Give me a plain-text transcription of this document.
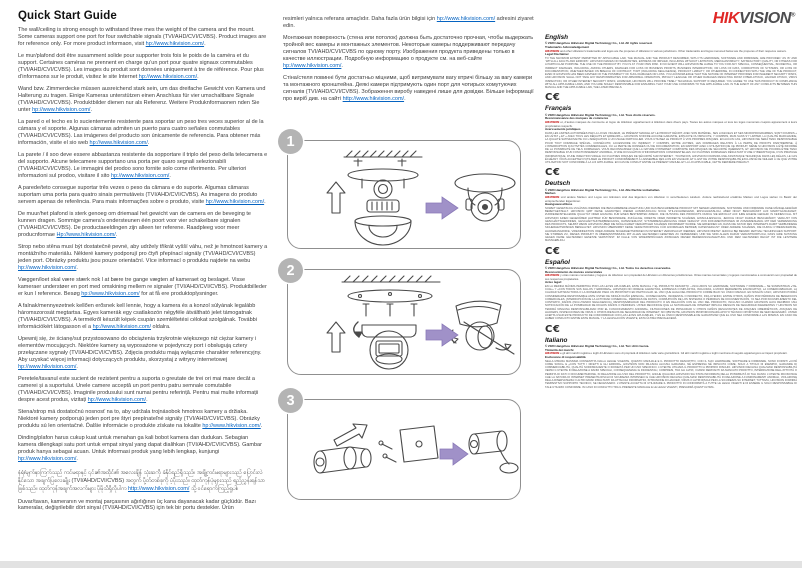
Quick Start Guide

The wall/ceiling is strong enough to withstand three mes the weight of the camera and the mount. Some cameras support one port for four switchable signals (TVI/AHD/CVI/CVBS). Product images are for reference only. For more product informaon, visit hp://www.hikvision.com/.

Le mur/plafond doit être susamment solide pour supporter trois fois le poids de la caméra et du support. Certaines caméras ne prennent en charge qu’un port pour quatre signaux commutables (TVI/AHD/CVI/CVBS). Les images du produit sont données uniquement à tre de référence. Pour plus d’informaons sur le produit, visitez le site Internet hp://www.hikvision.com/.

Wand bzw. Zimmerdecke müssen ausreichend stark sein, um das dreifache Gewicht von Kamera und Halterung zu tragen. Einige Kameras unterstützen einen Anschluss für vier umschaltbare Signale (TVI/AHD/CVI/CVBS). Produktbilder dienen nur als Referenz. Weitere Produknformaonen nden Sie unter hp://www.hikvision.com/.

La pared o el techo es lo sucientemente resistente para soportar un peso tres veces superior al de la cámara y el soporte. Algunas cámaras admiten un puerto para cuatro señales conmutables (TVI/AHD/CVI/CVBS). Las imágenes del producto son únicamente de referencia. Para obtener más información, visite el sio web hp://www.hikvision.com/.

La parete / il soo deve essere abbastanza resistente da sopportare il triplo del peso della telecamera e del supporto. Alcune telecamere supportano una porta per quaro segnali selezionabili (TVI/AHD/CVI/CVBS). Le immagini del prodoo sono fornite solo come riferimento. Per ulteriori informazioni sul prodoo, visitare il sito hp://www.hikvision.com/.

A parede/teto consegue suportar três vezes o peso da câmara e do suporte. Algumas câmaras suportam uma porta para quatro sinais permutáveis (TVI/AHD/CVI/CVBS). As imagens do produto servem apenas de referência. Para mais informações sobre o produto, visite hp://www.hikvision.com/.

De muur/het plafond is sterk genoeg om driemaal het gewicht van de camera en de beveging te kunnen dragen. Sommige camera’s ondersteunen één poort voor vier schakelbare signalen (TVI/AHD/CVI/CVBS). De productaeeldingen zijn alleen ter referene. Raadpleeg voor meer producnformae Hp://www.hikvision.com/.

Strop nebo stěna musí být dostatečně pevné, aby udržely třikrát vyšší váhu, než je hmotnost kamery a montážního materiálu. Některé kamery podporují pro čtyři přepínací signály (TVI/AHD/CVI/CVBS) jeden port. Obrázky produktu jsou pouze orientační. Více informací o produktu najdete na webu hp://www.hikvision.com/.

Væggen/loet skal være stærk nok l at bære tre gange vægten af kameraet og beslaget. Visse kameraer understøer en port med omskining mellem re signaler (TVI/AHD/CVI/CVBS). Produktbilleder er kun l reference. Besøg hp://www.hikvision.com/ for at få ere produktoplysninger.

A falnak/mennyezetnek kellően erősnek kell lennie, hogy a kamera és a konzol súlyának legalább háromszorosát megtartsa. Egyes kamerák egy csatlakozón négyféle átváltható jelet támogatnak (TVI/AHD/CVI/CVBS). A termékről készült képek csupán szemléltetési célokat szolgálnak. További információkért látogasson el a hp://www.hikvision.com/ oldalra.

Upewnij się, że ścianę/sut przystosowano do obciążenia trzykrotnie większego niż ciężar kamery i elementów mocujących. Niektóre kamery są wyposażone w pojedynczy port i obsługują cztery przełączane sygnały (TVI/AHD/CVI/CVBS). Zdjęcia produktu mają wyłącznie charakter referencyjny. Aby uzyskać więcej informacji dotyczących produktu, skorzystaj z witryny internetowej hp://www.hikvision.com/.

Peretele/tavanul este sucient de rezistent pentru a suporta o greutate de trei ori mai mare decât a camerei și a suportului. Unele camere acceptă un port pentru patru semnale comutabile (TVI/AHD/CVI/CVBS). Imaginile produsului sunt numai pentru referință. Pentru mai multe informații despre acest produs, vizitați hp://www.hikvision.com/.

Stena/strop má dostatočnú nosnosť na to, aby udržala trojnásobok hmotnos kamery a držiaka. Niektoré kamery podporujú jeden port pre štyri prepínateľné signály (TVI/AHD/CVI/CVBS). Obrázky produktu sú len orientačné. Ďalšie informácie o produkte získate na lokalite hp://www.hikvision.com/.

Dinding/plafon harus cukup kuat untuk menahan ga kali bobot kamera dan dudukan. Sebagian kamera dilengkapi satu port untuk empat sinyal yang dapat dialihkan (TVI/AHD/CVI/CVBS). Gambar produk hanya sebagai acuan. Untuk informasi produk yang lebih lengkap, kunjungi hp://www.hikvision.com/.

နံရံ/မျက်နှာကြက်သည် ကင်မရာနှင့် ၎င်း၏အထိုင်၏ အလေးချိန် သုံးဆကို ခံနိုင်ရည်ရှိသည်။ အချို့ကင်မရာများသည် ပြောင်းလဲနိုင်သော အချက်ပြလေးမျိုး (TVI/AHD/CVI/CVBS) အတွက် ပို့တ်တစ်ခုကို ပံ့ပိုးသည်။ ထုတ်ကုန်ပုံများသည် ရည်ညွှန်းရန်သာ ဖြစ်သည်။ ထုတ်ကုန်အချက်အလက်များ ပိုမိုသိရှိလိုပါက http://www.hikvision.com/ သို့ ဝင်ရောက်ကြည့်ရှုပါ။

Duvar/tavan, kameranın ve montaj parçasının ağırlığının üç kana dayanacak kadar güçlüdür. Bazı kameralar, değişrilebilir dört sinyal (TVI/AHD/CVI/CVBS) için tek bir portu destekler. Ürün

resimleri yalnıca referans amaçlıdır. Daha fazla ürün bilgisi için hp://www.hikvision.com/ adresini ziyaret edin.

Монтажная поверхность (стена или потолок) должна быть достаточно прочная, чтобы выдержать тройной вес камеры и монтажных элементов. Некоторые камеры поддерживают передачу сигналов TVI/AHD/CVI/CVBS по одному порту. Изображения продукта приведены только в качестве иллюстрации. Подробную информацию о продукте см. на веб-сайте hp://www.hikvision.com/.

Стіна/стеля повинні бути достатньо міцними, щоб витримувати вагу втричі більшу за вагу камери та монтажного кронштейна. Деякі камери підтримують один порт для чотирьох комутуючих сигналів (TVI/AHD/CVI/CVBS). Зображення виробу наведені лише для довідки. Більше інформації про виріб див. на сайті http://www.hikvision.com/.

1
2
3
HIKVISION®
English
© 2020 Hangzhou Hikvision Digital Technology Co., Ltd. All rights reserved.
Trademarks Acknowledgement
HIKVISION and other Hikvision’s trademarks and logos are the properes of Hikvision in various jurisdicons. Other trademarks and logos menoned below are the properes of their respecve owners.
Legal Disclaimer
TO THE MAXIMUM EXTENT PERMITTED BY APPLICABLE LAW, THE MANUAL AND THE PRODUCT DESCRIBED, WITH ITS HARDWARE, SOFTWARE AND FIRMWARE, ARE PROVIDED “AS IS” AND “WITH ALL FAULTS AND ERRORS”. HIKVISION MAKES NO WARRANTIES, EXPRESS OR IMPLIED, INCLUDING WITHOUT LIMITATION, MERCHANTABILITY, SATISFACTORY QUALITY, OR FITNESS FOR A PARTICULAR PURPOSE. THE USE OF THE PRODUCT BY YOU IS AT YOUR OWN RISK. IN NO EVENT WILL HIKVISION BE LIABLE TO YOU FOR ANY SPECIAL, CONSEQUENTIAL, INCIDENTAL, OR INDIRECT DAMAGES, INCLUDING, AMONG OTHERS, DAMAGES FOR LOSS OF BUSINESS PROFITS, BUSINESS INTERRUPTION, OR LOSS OF DATA, CORRUPTION OF SYSTEMS, OR LOSS OF DOCUMENTATION, WHETHER BASED ON BREACH OF CONTRACT, TORT (INCLUDING NEGLIGENCE), PRODUCT LIABILITY, OR OTHERWISE, IN CONNECTION WITH THE USE OF THE PRODUCT, EVEN IF HIKVISION HAS BEEN ADVISED OF THE POSSIBILITY OF SUCH DAMAGES OR LOSS. YOU ACKNOWLEDGE THAT THE NATURE OF INTERNET PROVIDES FOR INHERENT SECURITY RISKS, AND HIKVISION SHALL NOT TAKE ANY RESPONSIBILITIES FOR ABNORMAL OPERATION, PRIVACY LEAKAGE OR OTHER DAMAGES RESULTING FROM CYBER-ATTACK, HACKER ATTACK, VIRUS INSPECTION, OR OTHER INTERNET SECURITY RISKS; HOWEVER, HIKVISION WILL PROVIDE TIMELY TECHNICAL SUPPORT IF REQUIRED. YOU AGREE TO USE THIS PRODUCT IN COMPLIANCE WITH ALL APPLICABLE LAWS, AND YOU ARE SOLELY RESPONSIBLE FOR ENSURING THAT YOUR USE CONFORMS TO THE APPLICABLE LAW. IN THE EVENT OF ANY CONFLICTS BETWEEN THIS MANUAL AND THE APPLICABLE LAW, THE LATER PREVAILS.
C€
Français
© 2020 Hangzhou Hikvision Digital Technology Co., Ltd. Tous droits réservés.
Reconnaissance des marques de commerce
HIKVISION et, d’autres marques de commerce et logos de Hikvision appartiennent à Hikvision dans divers pays. Toutes les autres marques et tous les logos menonnés ci-après apparennent à leurs propriétaires respecfs.
Averssements juridiques
DANS LES LIMITES AUTORISÉES PAR LA LOI EN VIGUEUR, LE PRÉSENT MANUEL ET LE PRODUIT DÉCRIT, AVEC SON MATÉRIEL, SES LOGICIELS ET SES MICROPROGRAMMES, SONT FOURNIS « EN L’ÉTAT » ET « AVEC TOUS LES DÉFAUTS ET ERREURS ». HIKVISION N’OFFRE AUCUNE GARANTIE, EXPLICITE OU IMPLICITE, Y COMPRIS, MAIS SANS S’Y LIMITER, LA QUALITÉ MARCHANDE, LA QUALITÉ SATISFAISANTE OU L’ADÉQUATION À UN USAGE PARTICULIER. VOUS UTILISEZ LE PRODUIT À VOS PROPRES RISQUES. EN AUCUN CAS, HIKVISION NE SERA TENU RESPONSABLE POUR TOUT DOMMAGE SPÉCIAL, CONSÉCUTIF, ACCESSOIRE OU INDIRECT, Y COMPRIS, ENTRE AUTRES, LES DOMMAGES RELATIFS À LA PERTE DE PROFITS D’ENTREPRISE, À L’INTERRUPTION D’ACTIVITÉS COMMERCIALES, OU LA PERTE DE DONNÉES OU DE DOCUMENTATION, EN RAPPORT AVEC L’UTILISATION DE CE PRODUIT, MÊME SI HIKVISION A ÉTÉ INFORMÉ DE LA POSSIBILITÉ DE TELS DOMMAGES. VOUS RECONNAISSEZ QUE LA NATURE D’INTERNET COMPORTE DES RISQUES DE SÉCURITÉ INHÉRENTS, ET HIKVISION NE POURRA ÊTRE TENU RESPONSABLE D’UN FONCTIONNEMENT ANORMAL, D’UNE DIVULGATION D’INFORMATIONS CONFIDENTIELLES OU D’AUTRES DOMMAGES RÉSULTANT D’UNE CYBERATTAQUE, D’UN PIRATAGE INFORMATIQUE, D’UNE INFECTION VIRALE OU D’AUTRES RISQUES DE SÉCURITÉ SUR INTERNET ; TOUTEFOIS, HIKVISION FOURNIRA UNE ASSISTANCE TECHNIQUE DANS LES DÉLAIS, LE CAS ÉCHÉANT. VOUS ACCEPTEZ D’UTILISER LE PRODUIT CONFORMÉMENT À L’ENSEMBLE DES LOIS EN VIGUEUR, ET IL EST DE VOTRE RESPONSABILITÉ EXCLUSIVE DE VEILLER À CE QUE VOTRE UTILISATION SOIT CONFORME À LA LOI APPLICABLE. EN CAS DE CONFLIT ENTRE LE PRÉSENT MANUEL ET LA LOI APPLICABLE, CETTE DERNIÈRE PRÉVAUT.
C€
Deutsch
© 2020 Hangzhou Hikvision Digital Technology Co., Ltd. Alle Rechte vorbehalten.
Marken
HIKVISION und andere Marken und Logos von Hikvision sind das Eigentum von Hikvision in verschiedenen Ländern. Andere nachstehend erwähnte Marken und Logos stehen im Besitz der entsprechenden Eigentümer.
Haungsausschluss
SOWEIT GESETZLICH ZULÄSSIG WERDEN DIE BESCHRIEBENE ANLEITUNG UND DAS BESCHRIEBENE PRODUKT MIT SEINER HARDWARE, SOFTWARE UND FIRMWARE OHNE MÄNGELGEWÄHR BEREITGESTELLT. HIKVISION GIBT KEINE GARANTIEN, WEDER AUSDRÜCKLICH NOCH STILLSCHWEIGEND, EINSCHLIESSLICH, ABER NICHT BESCHRÄNKT AUF MARKTGÄNGIGKEIT, ZUFRIEDENSTELLENDE QUALITÄT ODER EIGNUNG FÜR EINEN BESTIMMTEN ZWECK. DIE NUTZUNG DES PRODUKTS DURCH SIE ERFOLGT AUF IHRE EIGENE GEFAHR. IN KEINEM FALL IST HIKVISION IHNEN GEGENÜBER HAFTBAR FÜR BESONDERE, ZUFÄLLIGE, DIREKTE ODER INDIREKTE SCHÄDEN, EINSCHLIESSLICH, JEDOCH NICHT DARAUF BESCHRÄNKT, VERLUST VON GESCHÄFTSGEWINNEN, GESCHÄFTSUNTERBRECHUNG, DATENVERLUST, SYSTEMBESCHÄDIGUNG ODER VERLUST VON DOKUMENTATIONEN IM ZUSAMMENHANG MIT DER VERWENDUNG DES PRODUKTS, SELBST WENN HIKVISION ÜBER DIE MÖGLICHKEIT DERARTIGER SCHÄDEN INFORMIERT WURDE. SIE ERKENNEN AN, DASS DIE NATUR DES INTERNETS DAMIT VERBUNDENE SICHERHEITSRISIKEN BEINHALTET. HIKVISION ÜBERNIMMT KEINE VERANTWORTUNG FÜR ANORMALEN BETRIEB, DATENVERLUST ODER ANDERE SCHÄDEN, DIE DURCH CYBERANGRIFFE, HACKERANGRIFFE, VIRENINFEKTION ODER ANDERE SICHERHEITSRISIKEN IM INTERNET VERURSACHT WERDEN; HIKVISION BIETET JEDOCH BEI BEDARF ZEITNAH TECHNISCHEN SUPPORT. SIE STIMMEN ZU, DIESES PRODUKT IN ÜBEREINSTIMMUNG MIT ALLEN GELTENDEN GESETZEN ZU VERWENDEN, UND SIE SIND ALLEIN DAFÜR VERANTWORTLICH, DASS IHRE NUTZUNG GEGEN KEINE GELTENDEN GESETZE VERSTÖSST. IM FALLE VON WIDERSPRÜCHEN ZWISCHEN DIESER BEDIENUNGSANLEITUNG UND DEM GELTENDEN RECHT IST DIE LETZTERE MASSGEBLICH.
C€
Español
© 2020 Hangzhou Hikvision Digital Technology Co., Ltd. Todos los derechos reservados.
Reconocimiento de marcas comerciales
HIKVISION y otras marcas comerciales y logopos de Hikvision son propiedad de Hikvision en diferentes jurisdicciones. Otras marcas comerciales y logopos mencionados a connuación son propiedad de sus respecvos propietarios.
Aviso legal:
EN LA MEDIDA MÁXIMA PERMITIDA POR LAS LEYES APLICABLES, ESTE MANUAL Y EL PRODUCTO DESCRITO —INCLUIDOS SU HARDWARE, SOFTWARE Y FIRMWARE— SE SUMINISTRAN «TAL CUAL» Y «CON TODOS SUS FALLOS Y ERRORES». HIKVISION NO OFRECE GARANTÍAS, EXPRESAS O IMPLÍCITAS, INCLUIDAS, A MODO MERAMENTE ENUNCIATIVO, LA COMERCIABILIDAD, LA CALIDAD SATISFACTORIA O LA IDONEIDAD PARA UN PROPÓSITO EN PARTICULAR. EL USO QUE HAGA DEL PRODUCTO CORRE BAJO SU ÚNICO RIESGO. EN NINGÚN CASO, HIKVISION PODRÁ CONSIDERARSE RESPONSABLE ANTE USTED DE NINGÚN DAÑO ESPECIAL, CONSECUENTE, INCIDENTAL O INDIRECTO, INCLUYENDO, ENTRE OTROS, DAÑOS POR PÉRDIDAS DE BENEFICIOS COMERCIALES, INTERRUPCIÓN DE LA ACTIVIDAD COMERCIAL, PÉRDIDAS DE DATOS, CORRUPCIÓN DE LOS SISTEMAS O PÉRDIDAS DE DOCUMENTACIÓN, YA SEA POR INCUMPLIMIENTO DEL CONTRATO, DAÑOS (INCLUYENDO NEGLIGENCIA), RESPONSABILIDAD DEL PRODUCTO O EN RELACIÓN CON EL USO DEL PRODUCTO, INCLUSO CUANDO HIKVISION HAYA RECIBIDO UNA NOTIFICACIÓN DE LA POSIBILIDAD DE DICHOS DAÑOS O PÉRDIDAS. USTED RECONOCE QUE LA NATURALEZA DE INTERNET IMPLICA RIESGOS DE SEGURIDAD INHERENTES Y HIKVISION NO TENDRÁ NINGUNA RESPONSABILIDAD POR EL FUNCIONAMIENTO ANORMAL, FILTRACIONES DE PRIVACIDAD U OTROS DAÑOS RESULTANTES DE ATAQUES CIBERNÉTICOS, ATAQUES DE HACKERS, INSPECCIONES DE VIRUS U OTROS RIESGOS DE SEGURIDAD DE INTERNET; NO OBSTANTE, HIKVISION PROPORCIONARÁ APOYO TÉCNICO OPORTUNO DE SER NECESARIO. USTED ACEPTA USAR ESTE PRODUCTO DE CONFORMIDAD CON LAS LEYES APLICABLES, Y ES EL ÚNICO RESPONSABLE DE GARANTIZAR QUE EL USO SEA CONFORME A LAS MISMAS. EN CASO DE HABER CONFLICTO ENTRE ESTE MANUAL Y LA LEGISLACIÓN VIGENTE, ESTA ÚLTIMA PREVALECERÁ.
C€
Italiano
© 2020 Hangzhou Hikvision Digital Technology Co., Ltd. Tui i dirii riserva.
Titolarità dei marchi
HIKVISION e gli altri marchi registra e loghi di Hikvision sono di proprietà di Hikvision nelle varie giurisdizioni. Gli altri marchi registra e loghi menziona di seguito appartengono ai rispevi proprietari.
Esclusione di responsabilità
NELLA MISURA MASSIMA CONSENTITA DALLA LEGGE VIGENTE, QUESTO MANUALE E IL PRODOTTO DESCRITTO, CON IL SUO HARDWARE, SOFTWARE E FIRMWARE, SONO FORNITI «COSÌ COME SONO» E «CON TUTTI I DIFETTI E GLI ERRORI». HIKVISION NON RILASCIA ALCUNA GARANZIA, NÉ ESPRESSA NÉ IMPLICITA COME, SOLO A TITOLO DI ESEMPIO, GARANZIE DI COMMERCIABILITÀ, QUALITÀ SODDISFACENTE O IDONEITÀ PER UN USO SPECIFICO. L’UTENTE UTILIZZA IL PRODOTTO A PROPRIO RISCHIO. HIKVISION DECLINA QUALSIASI RESPONSABILITÀ VERSO L’UTENTE IN RELAZIONE A DANNI SPECIALI, CONSEQUENZIALI E INCIDENTALI, COMPRESI, TRA GLI ALTRI, I DANNI DERIVANTI DA MANCATO PROFITTO, INTERRUZIONE DELL’ATTIVITÀ O PERDITA DI DATI O DOCUMENTAZIONE, IN RELAZIONE ALL’USO DEL PRODOTTO, ANCHE QUALORA HIKVISION SIA STATA INFORMATA DELLA POSSIBILITÀ DI TALI DANNI. L’UTENTE RICONOSCE CHE LA NATURA DI INTERNET PRESENTA RISCHI DI SICUREZZA INTRINSECI E CHE HIKVISION DECLINA QUALSIASI RESPONSABILITÀ IN RELAZIONE A FUNZIONAMENTI ANOMALI, VIOLAZIONE DELLA RISERVATEZZA O ALTRI DANNI RISULTANTI DA ATTACCHI INFORMATICI, INTRUSIONE DI HACKER, VIRUS O ALTRI RISCHI PER LA SICUREZZA SU INTERNET; TUTTAVIA, HIKVISION FORNIRÀ TEMPESTIVO SUPPORTO TECNICO, SE NECESSARIO. L’UTENTE ACCETTA DI UTILIZZARE IL PRODOTTO IN CONFORMITÀ A TUTTE LE LEGGI VIGENTI E DI ESSERE IL SOLO RESPONSABILE DI TALE UTILIZZO CONFORME. IN CASO DI CONFLITTO TRA IL PRESENTE MANUALE E LE LEGGI VIGENTI, PREVARRÀ QUEST’ULTIMA.
